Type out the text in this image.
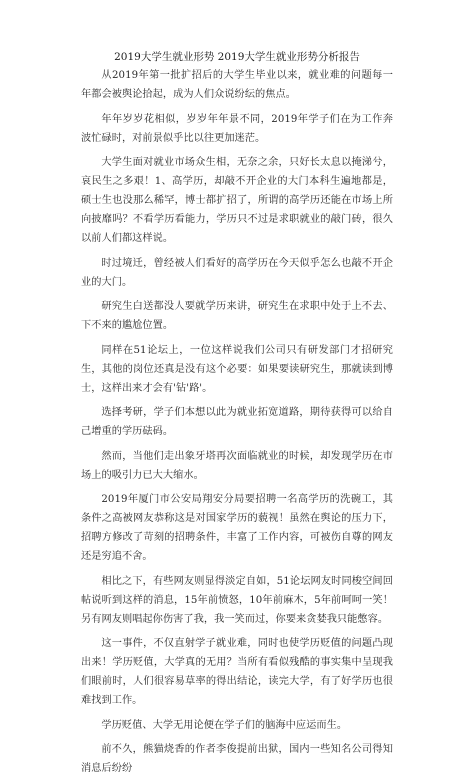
2019大学生就业形势 2019大学生就业形势分析报告

从2019年第一批扩招后的大学生毕业以来，就业难的问题每一年都会被舆论拾起，成为人们众说纷纭的焦点。

年年岁岁花相似，岁岁年年景不同，2019年学子们在为工作奔波忙碌时，对前景似乎比以往更加迷茫。

大学生面对就业市场众生相，无奈之余，只好长太息以掩涕兮，哀民生之多艰！1、高学历，却敲不开企业的大门本科生遍地都是，硕士生也没那么稀罕，博士都扩招了，所谓的高学历还能在市场上所向披靡吗？不看学历看能力，学历只不过是求职就业的敲门砖，很久以前人们都这样说。

时过境迁，曾经被人们看好的高学历在今天似乎怎么也敲不开企业的大门。

研究生白送都没人要就学历来讲，研究生在求职中处于上不去、下不来的尴尬位置。

同样在51论坛上，一位这样说我们公司只有研发部门才招研究生，其他的岗位还真是没有这个必要：如果要读研究生，那就读到博士，这样出来才会有'钻'路'。

选择考研，学子们本想以此为就业拓宽道路，期待获得可以给自己增重的学历砝码。

然而，当他们走出象牙塔再次面临就业的时候，却发现学历在市场上的吸引力已大大缩水。

2019年厦门市公安局翔安分局要招聘一名高学历的洗碗工，其条件之高被网友恭称这是对国家学历的藐视！虽然在舆论的压力下，招聘方修改了苛刻的招聘条件，丰富了工作内容，可被伤自尊的网友还是穷追不舍。

相比之下，有些网友则显得淡定自如，51论坛网友时同梭空间回帖说听到这样的消息，15年前愤怒，10年前麻木，5年前呵呵一笑！另有网友则唱起你伤害了我，我一笑而过，你要来贪婪我只能憋容。

这一事件，不仅直射学子就业难，同时也使学历贬值的问题凸现出来！学历贬值，大学真的无用？当所有看似残酷的事实集中呈现我们眼前时，人们很容易草率的得出结论，读完大学，有了好学历也很难找到工作。

学历贬值、大学无用论便在学子们的脑海中应运而生。

前不久，熊猫烧香的作者李俊提前出狱，国内一些知名公司得知消息后纷纷
